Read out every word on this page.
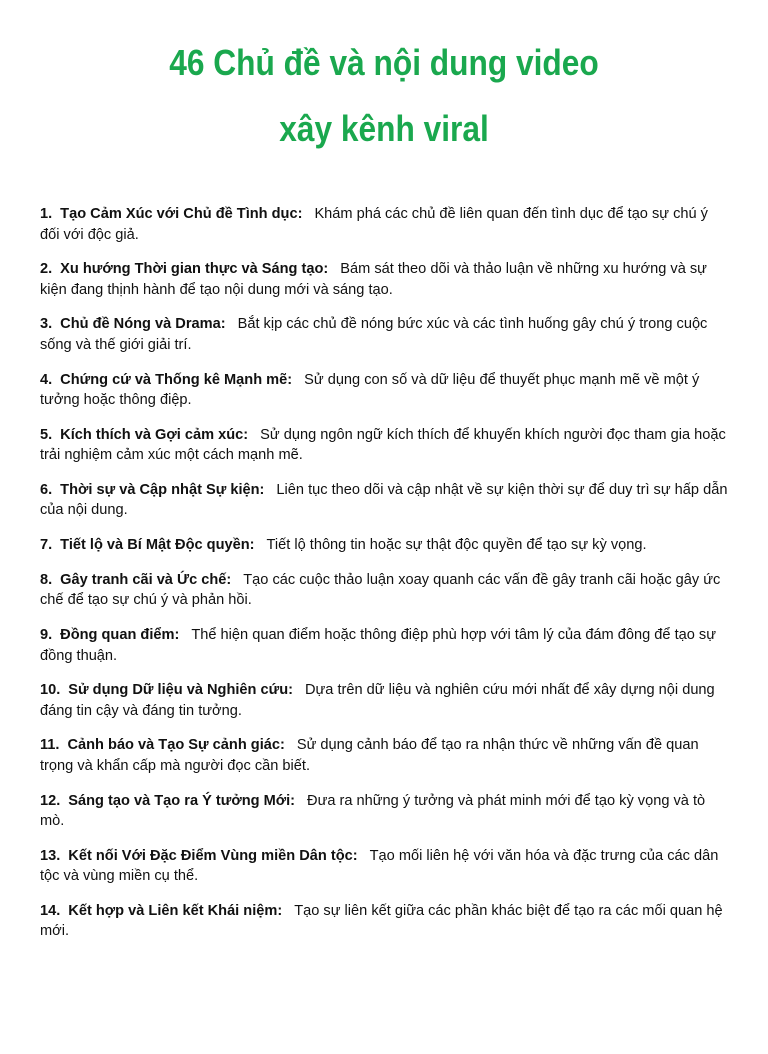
46 Chủ đề và nội dung video
xây kênh viral
1. Tạo Cảm Xúc với Chủ đề Tình dục: Khám phá các chủ đề liên quan đến tình dục để tạo sự chú ý đối với độc giả.
2. Xu hướng Thời gian thực và Sáng tạo: Bám sát theo dõi và thảo luận về những xu hướng và sự kiện đang thịnh hành để tạo nội dung mới và sáng tạo.
3. Chủ đề Nóng và Drama: Bắt kịp các chủ đề nóng bức xúc và các tình huống gây chú ý trong cuộc sống và thế giới giải trí.
4. Chứng cứ và Thống kê Mạnh mẽ: Sử dụng con số và dữ liệu để thuyết phục mạnh mẽ về một ý tưởng hoặc thông điệp.
5. Kích thích và Gợi cảm xúc: Sử dụng ngôn ngữ kích thích để khuyến khích người đọc tham gia hoặc trải nghiệm cảm xúc một cách mạnh mẽ.
6. Thời sự và Cập nhật Sự kiện: Liên tục theo dõi và cập nhật về sự kiện thời sự để duy trì sự hấp dẫn của nội dung.
7. Tiết lộ và Bí Mật Độc quyền: Tiết lộ thông tin hoặc sự thật độc quyền để tạo sự kỳ vọng.
8. Gây tranh cãi và Ức chế: Tạo các cuộc thảo luận xoay quanh các vấn đề gây tranh cãi hoặc gây ức chế để tạo sự chú ý và phản hồi.
9. Đồng quan điểm: Thể hiện quan điểm hoặc thông điệp phù hợp với tâm lý của đám đông để tạo sự đồng thuận.
10. Sử dụng Dữ liệu và Nghiên cứu: Dựa trên dữ liệu và nghiên cứu mới nhất để xây dựng nội dung đáng tin cậy và đáng tin tưởng.
11. Cảnh báo và Tạo Sự cảnh giác: Sử dụng cảnh báo để tạo ra nhận thức về những vấn đề quan trọng và khẩn cấp mà người đọc cần biết.
12. Sáng tạo và Tạo ra Ý tưởng Mới: Đưa ra những ý tưởng và phát minh mới để tạo kỳ vọng và tò mò.
13. Kết nối Với Đặc Điểm Vùng miền Dân tộc: Tạo mối liên hệ với văn hóa và đặc trưng của các dân tộc và vùng miền cụ thể.
14. Kết hợp và Liên kết Khái niệm: Tạo sự liên kết giữa các phần khác biệt để tạo ra các mối quan hệ mới.
